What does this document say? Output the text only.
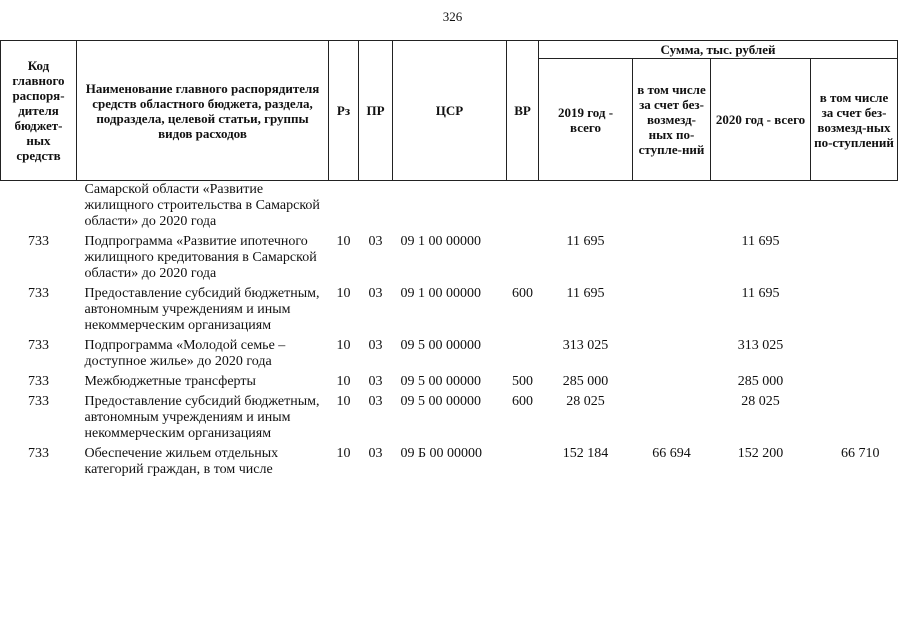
326
Код главного распоря-дителя бюджет-ных средств	Наименование главного распорядителя средств областного бюджета, раздела, подраздела, целевой статьи, группы видов расходов	Рз	ПР	ЦСР	ВР	Сумма, тыс. рублей			
						2019 год - всего	в том числе за счет без-возмезд-ных по-ступле-ний	2020 год - всего	в том числе за счет без-возмезд-ных по-ступлений
	Самарской области «Развитие жилищного строительства в Самарской области» до 2020 года								
733	Подпрограмма «Развитие ипотечного жилищного кредитования в Самарской области» до 2020 года	10	03	09 1 00 00000		11 695		11 695	
733	Предоставление субсидий бюджетным, автономным учреждениям и иным некоммерческим организациям	10	03	09 1 00 00000	600	11 695		11 695	
733	Подпрограмма «Молодой семье – доступное жилье» до 2020 года	10	03	09 5 00 00000		313 025		313 025	
733	Межбюджетные трансферты	10	03	09 5 00 00000	500	285 000		285 000	
733	Предоставление субсидий бюджетным, автономным учреждениям и иным некоммерческим организациям	10	03	09 5 00 00000	600	28 025		28 025	
733	Обеспечение жильем отдельных категорий граждан, в том числе	10	03	09 Б 00 00000		152 184	66 694	152 200	66 710
